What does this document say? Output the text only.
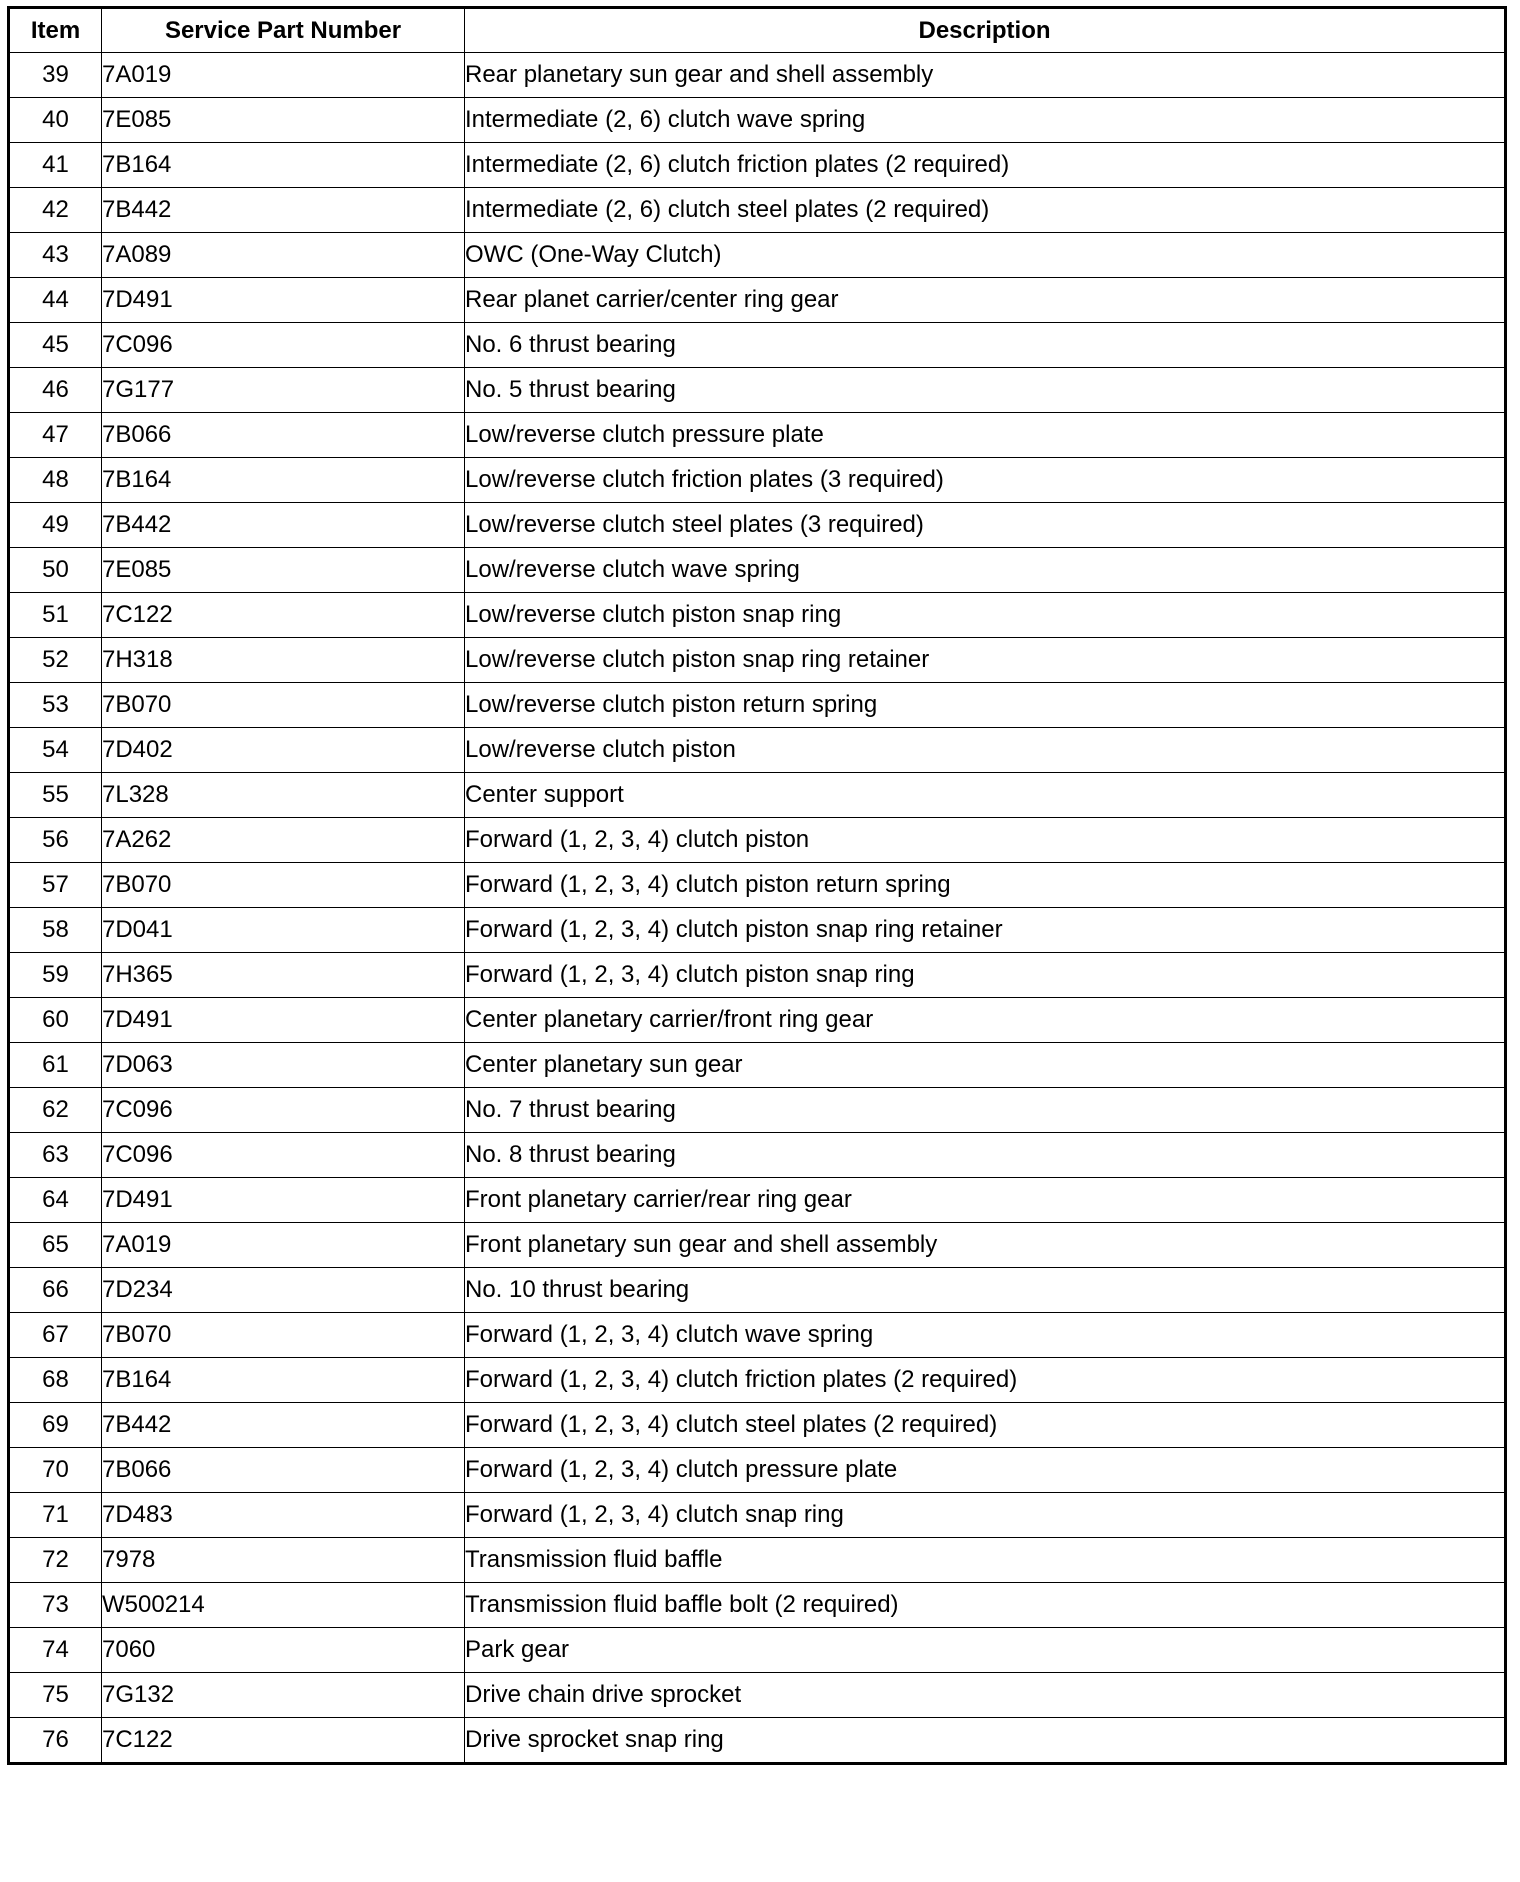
Item	Service Part Number	Description
39	7A019	Rear planetary sun gear and shell assembly
40	7E085	Intermediate (2, 6) clutch wave spring
41	7B164	Intermediate (2, 6) clutch friction plates (2 required)
42	7B442	Intermediate (2, 6) clutch steel plates (2 required)
43	7A089	OWC (One-Way Clutch)
44	7D491	Rear planet carrier/center ring gear
45	7C096	No. 6 thrust bearing
46	7G177	No. 5 thrust bearing
47	7B066	Low/reverse clutch pressure plate
48	7B164	Low/reverse clutch friction plates (3 required)
49	7B442	Low/reverse clutch steel plates (3 required)
50	7E085	Low/reverse clutch wave spring
51	7C122	Low/reverse clutch piston snap ring
52	7H318	Low/reverse clutch piston snap ring retainer
53	7B070	Low/reverse clutch piston return spring
54	7D402	Low/reverse clutch piston
55	7L328	Center support
56	7A262	Forward (1, 2, 3, 4) clutch piston
57	7B070	Forward (1, 2, 3, 4) clutch piston return spring
58	7D041	Forward (1, 2, 3, 4) clutch piston snap ring retainer
59	7H365	Forward (1, 2, 3, 4) clutch piston snap ring
60	7D491	Center planetary carrier/front ring gear
61	7D063	Center planetary sun gear
62	7C096	No. 7 thrust bearing
63	7C096	No. 8 thrust bearing
64	7D491	Front planetary carrier/rear ring gear
65	7A019	Front planetary sun gear and shell assembly
66	7D234	No. 10 thrust bearing
67	7B070	Forward (1, 2, 3, 4) clutch wave spring
68	7B164	Forward (1, 2, 3, 4) clutch friction plates (2 required)
69	7B442	Forward (1, 2, 3, 4) clutch steel plates (2 required)
70	7B066	Forward (1, 2, 3, 4) clutch pressure plate
71	7D483	Forward (1, 2, 3, 4) clutch snap ring
72	7978	Transmission fluid baffle
73	W500214	Transmission fluid baffle bolt (2 required)
74	7060	Park gear
75	7G132	Drive chain drive sprocket
76	7C122	Drive sprocket snap ring
